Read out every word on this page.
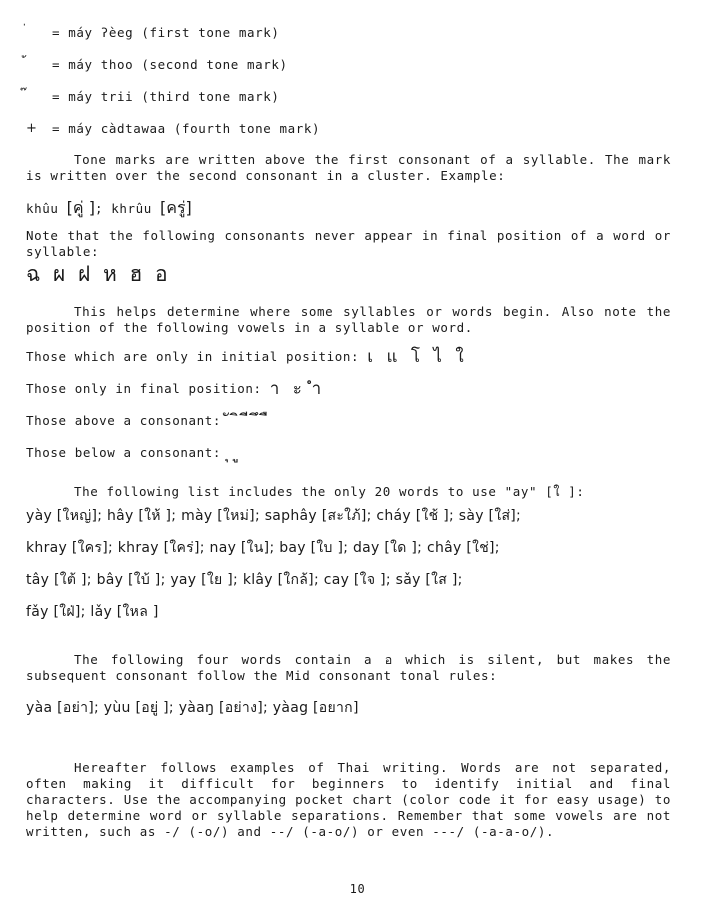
่	= máy ʔèeg (first tone mark)
้	= máy thoo (second tone mark)
๊	= máy trii (third tone mark)
+	= máy càdtawaa (fourth tone mark)
Tone marks are written above the first consonant of a syllable. The mark is written over the second consonant in a cluster. Example:
khûu
[คู่ ] ;
khrûu
[ครู่]
Note that the following consonants never appear in final position of a word or syllable:
ฉ ผ ฝ ห ฮ อ
This helps determine where some syllables or words begin. Also note the position of the following vowels in a syllable or word.
Those which are only in initial position:
เ แ โ ไ ใ
Those only in final position:
า ะ ำ
Those above a consonant:
ั ิ ี ึ ื
Those below a consonant:
ุ ู
The following list includes the only 20 words to use "ay" [ใ ]:
yày [ใหญ่]; hây [ให้ ]; mày [ใหม่]; saphây [สะใภ้]; cháy [ใช้ ]; sày [ใส่];
khray [ใคร]; khray [ใคร่]; nay [ใน]; bay [ใบ ]; day [ใด ]; chây [ใช่];
tây [ใต้ ]; bây [ใบ้ ]; yay [ใย ]; klây [ใกล้]; cay [ใจ ]; sǎy [ใส ];
fǎy [ใฝ่]; lǎy [ใหล ]
The following four words contain a อ which is silent, but makes the subsequent consonant follow the Mid consonant tonal rules:
yàa [อย่า]; yùu [อยู่ ]; yàaŋ [อย่าง]; yàag [อยาก]
Hereafter follows examples of Thai writing. Words are not separated, often making it difficult for beginners to identify initial and final characters. Use the accompanying pocket chart (color code it for easy usage) to help determine word or syllable separations. Remember that some vowels are not written, such as -/ (-o/) and --/ (-a-o/) or even ---/ (-a-a-o/).
10
